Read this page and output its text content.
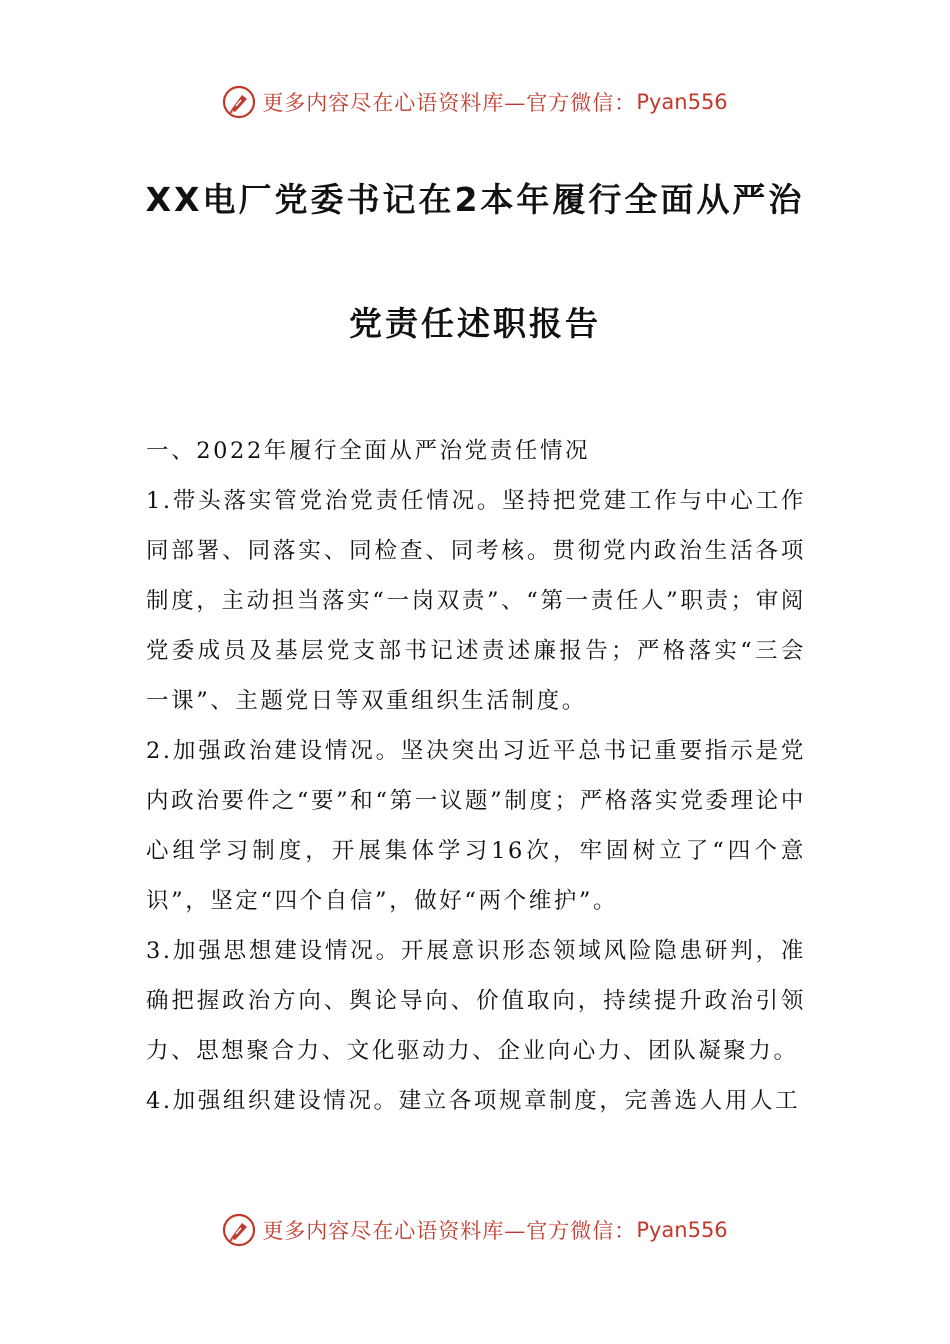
更多内容尽在心语资料库—官方微信： Pyan556
XX电厂党委书记在2本年履行全面从严治
党责任述职报告

一、2022年履行全面从严治党责任情况

1.带头落实管党治党责任情况。坚持把党建工作与中心工作同部署、同落实、同检查、同考核。贯彻党内政治生活各项制度，主动担当落实“一岗双责”、“第一责任人”职责；审阅党委成员及基层党支部书记述责述廉报告；严格落实“三会一课”、主题党日等双重组织生活制度。

2.加强政治建设情况。坚决突出习近平总书记重要指示是党内政治要件之“要”和“第一议题”制度；严格落实党委理论中心组学习制度，开展集体学习16次，牢固树立了“四个意识”，坚定“四个自信”，做好“两个维护”。

3.加强思想建设情况。开展意识形态领域风险隐患研判，准确把握政治方向、舆论导向、价值取向，持续提升政治引领力、思想聚合力、文化驱动力、企业向心力、团队凝聚力。

4.加强组织建设情况。建立各项规章制度，完善选人用人工

更多内容尽在心语资料库—官方微信： Pyan556
